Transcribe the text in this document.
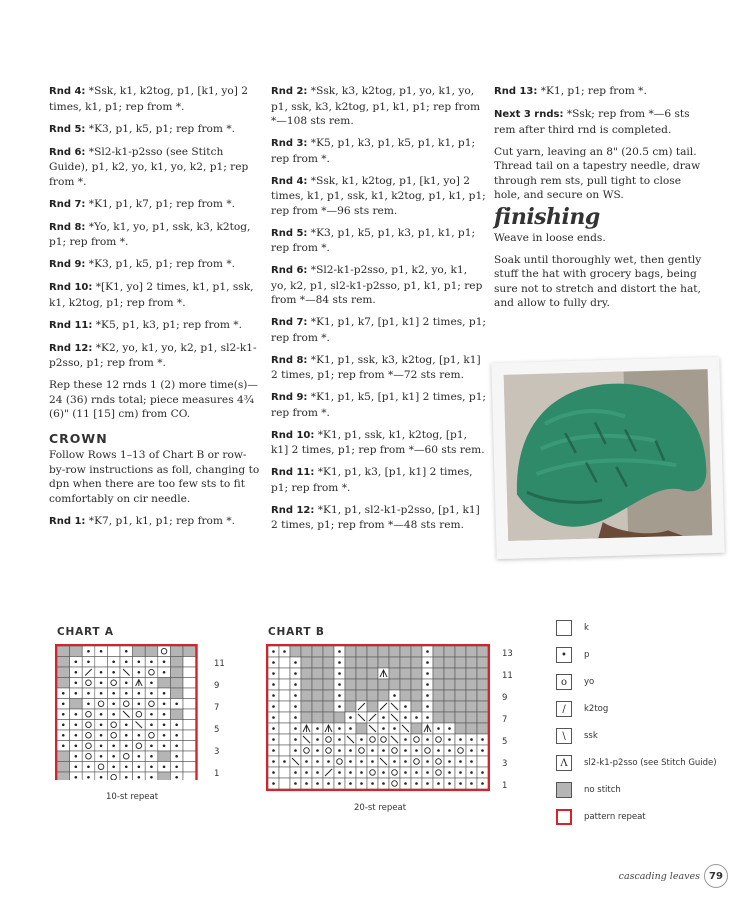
Rnd 4: *Ssk, k1, k2tog, p1, [k1, yo] 2 times, k1, p1; rep from *.

Rnd 5: *K3, p1, k5, p1; rep from *.

Rnd 6: *Sl2-k1-p2sso (see Stitch Guide), p1, k2, yo, k1, yo, k2, p1; rep from *.

Rnd 7: *K1, p1, k7, p1; rep from *.

Rnd 8: *Yo, k1, yo, p1, ssk, k3, k2tog, p1; rep from *.

Rnd 9: *K3, p1, k5, p1; rep from *.

Rnd 10: *[K1, yo] 2 times, k1, p1, ssk, k1, k2tog, p1; rep from *.

Rnd 11: *K5, p1, k3, p1; rep from *.

Rnd 12: *K2, yo, k1, yo, k2, p1, sl2-k1-p2sso, p1; rep from *.

Rep these 12 rnds 1 (2) more time(s)—24 (36) rnds total; piece measures 4¾ (6)" (11 [15] cm) from CO.

CROWN

Follow Rows 1–13 of Chart B or row-by-row instructions as foll, changing to dpn when there are too few sts to fit comfortably on cir needle.

Rnd 1: *K7, p1, k1, p1; rep from *.

Rnd 2: *Ssk, k3, k2tog, p1, yo, k1, yo, p1, ssk, k3, k2tog, p1, k1, p1; rep from *—108 sts rem.

Rnd 3: *K5, p1, k3, p1, k5, p1, k1, p1; rep from *.

Rnd 4: *Ssk, k1, k2tog, p1, [k1, yo] 2 times, k1, p1, ssk, k1, k2tog, p1, k1, p1; rep from *—96 sts rem.

Rnd 5: *K3, p1, k5, p1, k3, p1, k1, p1; rep from *.

Rnd 6: *Sl2-k1-p2sso, p1, k2, yo, k1, yo, k2, p1, sl2-k1-p2sso, p1, k1, p1; rep from *—84 sts rem.

Rnd 7: *K1, p1, k7, [p1, k1] 2 times, p1; rep from *.

Rnd 8: *K1, p1, ssk, k3, k2tog, [p1, k1] 2 times, p1; rep from *—72 sts rem.

Rnd 9: *K1, p1, k5, [p1, k1] 2 times, p1; rep from *.

Rnd 10: *K1, p1, ssk, k1, k2tog, [p1, k1] 2 times, p1; rep from *—60 sts rem.

Rnd 11: *K1, p1, k3, [p1, k1] 2 times, p1; rep from *.

Rnd 12: *K1, p1, sl2-k1-p2sso, [p1, k1] 2 times, p1; rep from *—48 sts rem.

Rnd 13: *K1, p1; rep from *.

Next 3 rnds: *Ssk; rep from *—6 sts rem after third rnd is completed.

Cut yarn, leaving an 8" (20.5 cm) tail. Thread tail on a tapestry needle, draw through rem sts, pull tight to close hole, and secure on WS.

finishing

Weave in loose ends.

Soak until thoroughly wet, then gently stuff the hat with grocery bags, being sure not to stretch and distort the hat, and allow to fully dry.

CHART A
11
9
7
5
3
1
10-st repeat
CHART B
13
11
9
7
5
3
1
20-st repeat
k
•	p
o	yo
/	k2tog
\	ssk
Λ	sl2-k1-p2sso (see Stitch Guide)
no stitch
pattern repeat
cascading leaves 79
